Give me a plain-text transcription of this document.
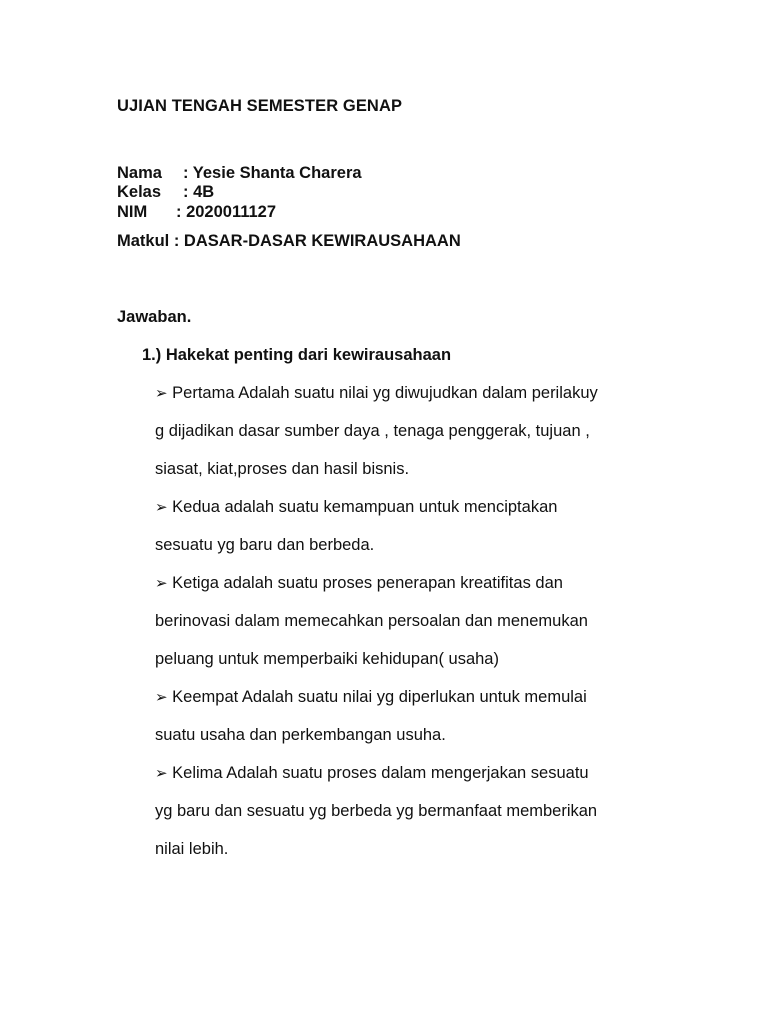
UJIAN TENGAH SEMESTER GENAP
Nama : Yesie Shanta Charera
Kelas : 4B
NIM : 2020011127
Matkul : DASAR-DASAR KEWIRAUSAHAAN
Jawaban.
1.) Hakekat penting dari kewirausahaan
➢ Pertama Adalah suatu nilai yg diwujudkan dalam perilakuy
g dijadikan dasar sumber daya , tenaga penggerak, tujuan ,
siasat, kiat,proses dan hasil bisnis.
➢ Kedua adalah suatu kemampuan untuk menciptakan
sesuatu yg baru dan berbeda.
➢ Ketiga adalah suatu proses penerapan kreatifitas dan
berinovasi dalam memecahkan persoalan dan menemukan
peluang untuk memperbaiki kehidupan( usaha)
➢ Keempat Adalah suatu nilai yg diperlukan untuk memulai
suatu usaha dan perkembangan usuha.
➢ Kelima Adalah suatu proses dalam mengerjakan sesuatu
yg baru dan sesuatu yg berbeda yg bermanfaat memberikan
nilai lebih.
